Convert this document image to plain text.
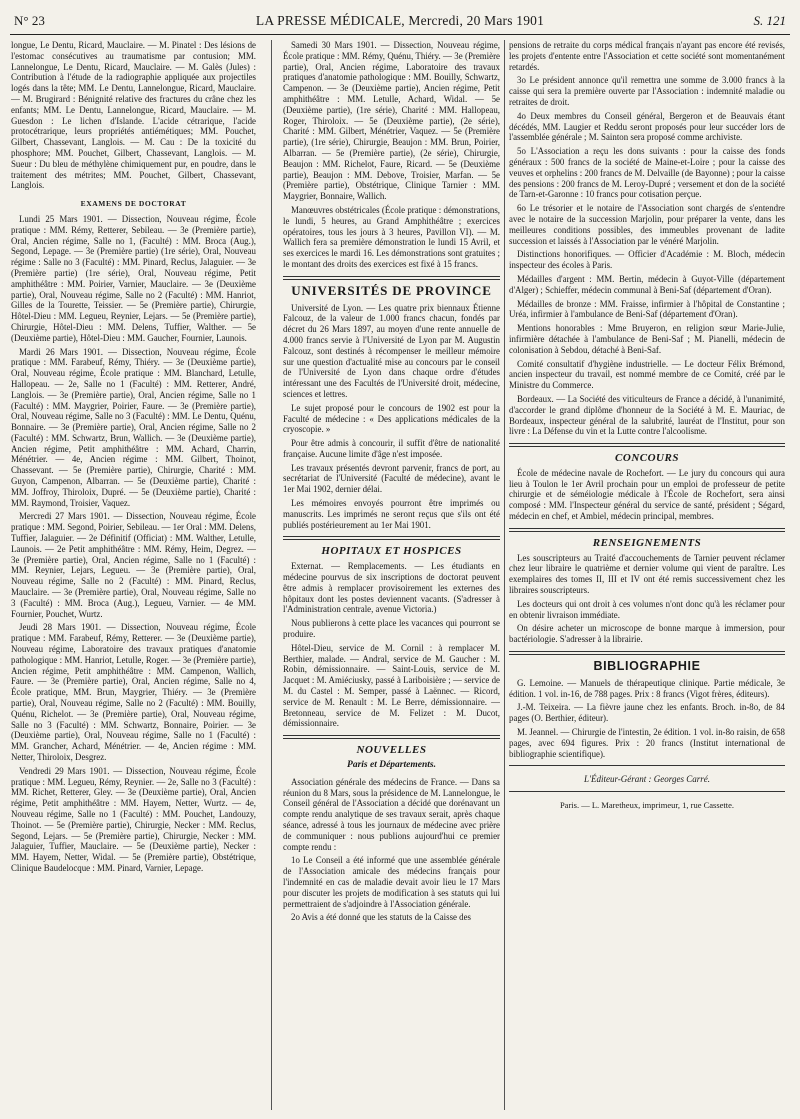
N° 23	LA PRESSE MÉDICALE, Mercredi, 20 Mars 1901	S. 121

longue, Le Dentu, Ricard, Mauclaire. — M. Pinatel : Des lésions de l'estomac consécutives au traumatisme par contusion; MM. Lannelongue, Le Dentu, Ricard, Mauclaire. — M. Galès (Jules) : Contribution à l'étude de la radiographie appliquée aux projectiles logés dans la tête; MM. Le Dentu, Lannelongue, Ricard, Mauclaire. — M. Brugirard : Bénignité relative des fractures du crâne chez les enfants; MM. Le Dentu, Lannelongue, Ricard, Mauclaire. — M. Guesdon : Le lichen d'Islande. L'acide cétrarique, l'acide protocétrarique, leurs propriétés antiémétiques; MM. Pouchet, Gilbert, Chassevant, Langlois. — M. Cau : De la toxicité du phosphore; MM. Pouchet, Gilbert, Chassevant, Langlois. — M. Sueur : Du bleu de méthylène chimiquement pur, en poudre, dans le traitement des métrites; MM. Pouchet, Gilbert, Chassevant, Langlois.

EXAMENS DE DOCTORAT

Lundi 25 Mars 1901. — Dissection, Nouveau régime, École pratique : MM. Rémy, Retterer, Sebileau. — 3e (Première partie), Oral, Ancien régime, Salle no 1, (Faculté) : MM. Broca (Aug.), Segond, Lepage. — 3e (Première partie) (1re série), Oral, Nouveau régime : Salle no 3 (Faculté) : MM. Pinard, Reclus, Jalaguier. — 3e (Première partie) (1re série), Oral, Nouveau régime, Petit amphithéâtre : MM. Poirier, Varnier, Mauclaire. — 3e (Deuxième partie), Oral, Nouveau régime, Salle no 2 (Faculté) : MM. Hanriot, Gilles de la Tourette, Teissier. — 5e (Première partie), Chirurgie, Hôtel-Dieu : MM. Legueu, Reynier, Lejars. — 5e (Première partie), Chirurgie, Hôtel-Dieu : MM. Delens, Tuffier, Walther. — 5e (Deuxième partie), Hôtel-Dieu : MM. Gaucher, Fournier, Launois.

Mardi 26 Mars 1901. — Dissection, Nouveau régime, École pratique : MM. Farabeuf, Rémy, Thiéry. — 3e (Deuxième partie), Oral, Nouveau régime, École pratique : MM. Blanchard, Letulle, Hallopeau. — 2e, Salle no 1 (Faculté) : MM. Retterer, André, Langlois. — 3e (Première partie), Oral, Ancien régime, Salle no 1 (Faculté) : MM. Maygrier, Poirier, Faure. — 3e (Première partie), Oral, Nouveau régime, Salle no 3 (Faculté) : MM. Le Dentu, Quénu, Bonnaire. — 3e (Première partie), Oral, Ancien régime, Salle no 2 (Faculté) : MM. Schwartz, Brun, Wallich. — 3e (Deuxième partie), Ancien régime, Petit amphithéâtre : MM. Achard, Charrin, Ménétrier. — 4e, Ancien régime : MM. Gilbert, Thoinot, Chassevant. — 5e (Première partie), Chirurgie, Charité : MM. Guyon, Campenon, Albarran. — 5e (Deuxième partie), Charité : MM. Joffroy, Thiroloix, Dupré. — 5e (Deuxième partie), Charité : MM. Raymond, Troisier, Vaquez.

Mercredi 27 Mars 1901. — Dissection, Nouveau régime, École pratique : MM. Segond, Poirier, Sebileau. — 1er Oral : MM. Delens, Tuffier, Jalaguier. — 2e Définitif (Officiat) : MM. Walther, Letulle, Launois. — 2e Petit amphithéâtre : MM. Rémy, Heim, Degrez. — 3e (Première partie), Oral, Ancien régime, Salle no 1 (Faculté) : MM. Reynier, Lejars, Legueu. — 3e (Première partie), Oral, Nouveau régime, Salle no 2 (Faculté) : MM. Pinard, Reclus, Mauclaire. — 3e (Première partie), Oral, Nouveau régime, Salle no 3 (Faculté) : MM. Broca (Aug.), Legueu, Varnier. — 4e MM. Fournier, Pouchet, Wurtz.

Jeudi 28 Mars 1901. — Dissection, Nouveau régime, École pratique : MM. Farabeuf, Rémy, Retterer. — 3e (Deuxième partie), Nouveau régime, Laboratoire des travaux pratiques d'anatomie pathologique : MM. Hanriot, Letulle, Roger. — 3e (Première partie), Ancien régime, Petit amphithéâtre : MM. Campenon, Wallich, Faure. — 3e (Première partie), Oral, Ancien régime, Salle no 4, École pratique, MM. Brun, Maygrier, Thiéry. — 3e (Première partie), Oral, Nouveau régime, Salle no 2 (Faculté) : MM. Bouilly, Quénu, Richelot. — 3e (Première partie), Oral, Nouveau régime, Salle no 3 (Faculté) : MM. Schwartz, Bonnaire, Poirier. — 3e (Deuxième partie), Oral, Nouveau régime, Salle no 1 (Faculté) : MM. Grancher, Achard, Ménétrier. — 4e, Ancien régime : MM. Netter, Thiroloix, Desgrez.

Vendredi 29 Mars 1901. — Dissection, Nouveau régime, École pratique : MM. Legueu, Rémy, Reynier. — 2e, Salle no 3 (Faculté) : MM. Richet, Retterer, Gley. — 3e (Deuxième partie), Oral, Ancien régime, Petit amphithéâtre : MM. Hayem, Netter, Wurtz. — 4e, Nouveau régime, Salle no 1 (Faculté) : MM. Pouchet, Landouzy, Thoinot. — 5e (Première partie), Chirurgie, Necker : MM. Reclus, Segond, Lejars. — 5e (Première partie), Chirurgie, Necker : MM. Jalaguier, Tuffier, Mauclaire. — 5e (Deuxième partie), Necker : MM. Hayem, Netter, Widal. — 5e (Première partie), Obstétrique, Clinique Baudelocque : MM. Pinard, Varnier, Lepage.

Samedi 30 Mars 1901. — Dissection, Nouveau régime, École pratique : MM. Rémy, Quénu, Thiéry. — 3e (Première partie), Oral, Ancien régime, Laboratoire des travaux pratiques d'anatomie pathologique : MM. Bouilly, Schwartz, Campenon. — 3e (Deuxième partie), Ancien régime, Petit amphithéâtre : MM. Letulle, Achard, Widal. — 5e (Deuxième partie), (1re série), Charité : MM. Hallopeau, Roger, Thiroloix. — 5e (Deuxième partie), (2e série), Charité : MM. Gilbert, Ménétrier, Vaquez. — 5e (Première partie), (1re série), Chirurgie, Beaujon : MM. Brun, Poirier, Albarran. — 5e (Première partie), (2e série), Chirurgie, Beaujon : MM. Richelot, Faure, Ricard. — 5e (Deuxième partie), Beaujon : MM. Debove, Troisier, Marfan. — 5e (Première partie), Obstétrique, Clinique Tarnier : MM. Maygrier, Bonnaire, Wallich.

Manœuvres obstétricales (École pratique : démonstrations, le lundi, 5 heures, au Grand Amphithéâtre ; exercices opératoires, tous les jours à 3 heures, Pavillon VI). — M. Wallich fera sa première démonstration le lundi 15 Avril, et ses exercices le mardi 16. Les démonstrations sont gratuites ; le montant des droits des exercices est fixé à 15 francs.

UNIVERSITÉS DE PROVINCE

Université de Lyon. — Les quatre prix biennaux Étienne Falcouz, de la valeur de 1.000 francs chacun, fondés par décret du 26 Mars 1897, au moyen d'une rente annuelle de 4.000 francs servie à l'Université de Lyon par M. Augustin Falcouz, sont destinés à récompenser le meilleur mémoire sur une question d'actualité mise au concours par le conseil de l'Université de Lyon dans chaque ordre d'études intéressant une des Facultés de l'Université droit, médecine, sciences et lettres.

Le sujet proposé pour le concours de 1902 est pour la Faculté de médecine : « Des applications médicales de la cryoscopie. »

Pour être admis à concourir, il suffit d'être de nationalité française. Aucune limite d'âge n'est imposée.

Les travaux présentés devront parvenir, francs de port, au secrétariat de l'Université (Faculté de médecine), avant le 1er Mai 1902, dernier délai.

Les mémoires envoyés pourront être imprimés ou manuscrits. Les imprimés ne seront reçus que s'ils ont été publiés postérieurement au 1er Mai 1901.

HOPITAUX ET HOSPICES

Externat. — Remplacements. — Les étudiants en médecine pourvus de six inscriptions de doctorat peuvent être admis à remplacer provisoirement les externes des hôpitaux dont les postes deviennent vacants. (S'adresser à l'Administration centrale, avenue Victoria.)

Nous publierons à cette place les vacances qui pourront se produire.

Hôtel-Dieu, service de M. Cornil : à remplacer M. Berthier, malade. — Andral, service de M. Gaucher : M. Robin, démissionnaire. — Saint-Louis, service de M. Jacquet : M. Amiéciusky, passé à Lariboisière ; — service de M. du Castel : M. Semper, passé à Laënnec. — Ricord, service de M. Renault : M. Le Berre, démissionnaire. — Bretonneau, service de M. Felizet : M. Ducot, démissionnaire.

NOUVELLES
Paris et Départements.

Association générale des médecins de France. — Dans sa réunion du 8 Mars, sous la présidence de M. Lannelongue, le Conseil général de l'Association a décidé que dorénavant un compte rendu analytique de ses travaux serait, après chaque séance, adressé à tous les journaux de médecine avec prière de communiquer : nous publions aujourd'hui ce premier compte rendu :

1o Le Conseil a été informé que une assemblée générale de l'Association amicale des médecins français pour l'indemnité en cas de maladie devait avoir lieu le 17 Mars pour discuter les projets de modification à ses statuts qui lui permettraient de s'adjoindre à l'Association générale.

2o Avis a été donné que les statuts de la Caisse des

pensions de retraite du corps médical français n'ayant pas encore été revisés, les projets d'entente entre l'Association et cette société sont momentanément retardés.

3o Le président annonce qu'il remettra une somme de 3.000 francs à la caisse qui sera la première ouverte par l'Association : indemnité maladie ou retraites de droit.

4o Deux membres du Conseil général, Bergeron et de Beauvais étant décédés, MM. Laugier et Reddu seront proposés pour leur succéder lors de l'assemblée générale ; M. Sainton sera proposé comme archiviste.

5o L'Association a reçu les dons suivants : pour la caisse des fonds généraux : 500 francs de la société de Maine-et-Loire ; pour la caisse des veuves et orphelins : 200 francs de M. Delvaille (de Bayonne) ; pour la caisse des pensions : 200 francs de M. Leroy-Dupré ; versement et don de la société de Tarn-et-Garonne : 10 francs pour cotisation perçue.

6o Le trésorier et le notaire de l'Association sont chargés de s'entendre avec le notaire de la succession Marjolin, pour préparer la vente, dans les meilleures conditions possibles, des immeubles provenant de ladite succession et laissés à l'Association par le vénéré Marjolin.

Distinctions honorifiques. — Officier d'Académie : M. Bloch, médecin inspecteur des écoles à Paris.

Médailles d'argent : MM. Bertin, médecin à Guyot-Ville (département d'Alger) ; Schieffer, médecin communal à Beni-Saf (département d'Oran).

Médailles de bronze : MM. Fraisse, infirmier à l'hôpital de Constantine ; Uréa, infirmier à l'ambulance de Beni-Saf (département d'Oran).

Mentions honorables : Mme Bruyeron, en religion sœur Marie-Julie, infirmière détachée à l'ambulance de Beni-Saf ; M. Pianelli, médecin de colonisation à Sebdou, détaché à Beni-Saf.

Comité consultatif d'hygiène industrielle. — Le docteur Félix Brémond, ancien inspecteur du travail, est nommé membre de ce Comité, créé par le Ministre du Commerce.

Bordeaux. — La Société des viticulteurs de France a décidé, à l'unanimité, d'accorder le grand diplôme d'honneur de la Société à M. E. Mauriac, de Bordeaux, inspecteur général de la salubrité, lauréat de l'Institut, pour son livre : La Défense du vin et la Lutte contre l'alcoolisme.

CONCOURS

École de médecine navale de Rochefort. — Le jury du concours qui aura lieu à Toulon le 1er Avril prochain pour un emploi de professeur de petite chirurgie et de séméiologie médicale à l'École de Rochefort, sera ainsi composé : MM. l'Inspecteur général du service de santé, président ; Ségard, médecin en chef, et Ambiel, médecin principal, membres.

RENSEIGNEMENTS

Les souscripteurs au Traité d'accouchements de Tarnier peuvent réclamer chez leur libraire le quatrième et dernier volume qui vient de paraître. Les exemplaires des tomes II, III et IV ont été remis successivement chez les libraires souscripteurs.

Les docteurs qui ont droit à ces volumes n'ont donc qu'à les réclamer pour en obtenir livraison immédiate.

On désire acheter un microscope de bonne marque à immersion, pour bactériologie. S'adresser à la librairie.

BIBLIOGRAPHIE

G. Lemoine. — Manuels de thérapeutique clinique. Partie médicale, 3e édition. 1 vol. in-16, de 788 pages. Prix : 8 francs (Vigot frères, éditeurs).

J.-M. Teixeira. — La fièvre jaune chez les enfants. Broch. in-8o, de 84 pages (O. Berthier, éditeur).

M. Jeannel. — Chirurgie de l'intestin, 2e édition. 1 vol. in-8o raisin, de 658 pages, avec 694 figures. Prix : 20 francs (Institut international de bibliographie scientifique).

L'Éditeur-Gérant : Georges Carré.
Paris. — L. Maretheux, imprimeur, 1, rue Cassette.
